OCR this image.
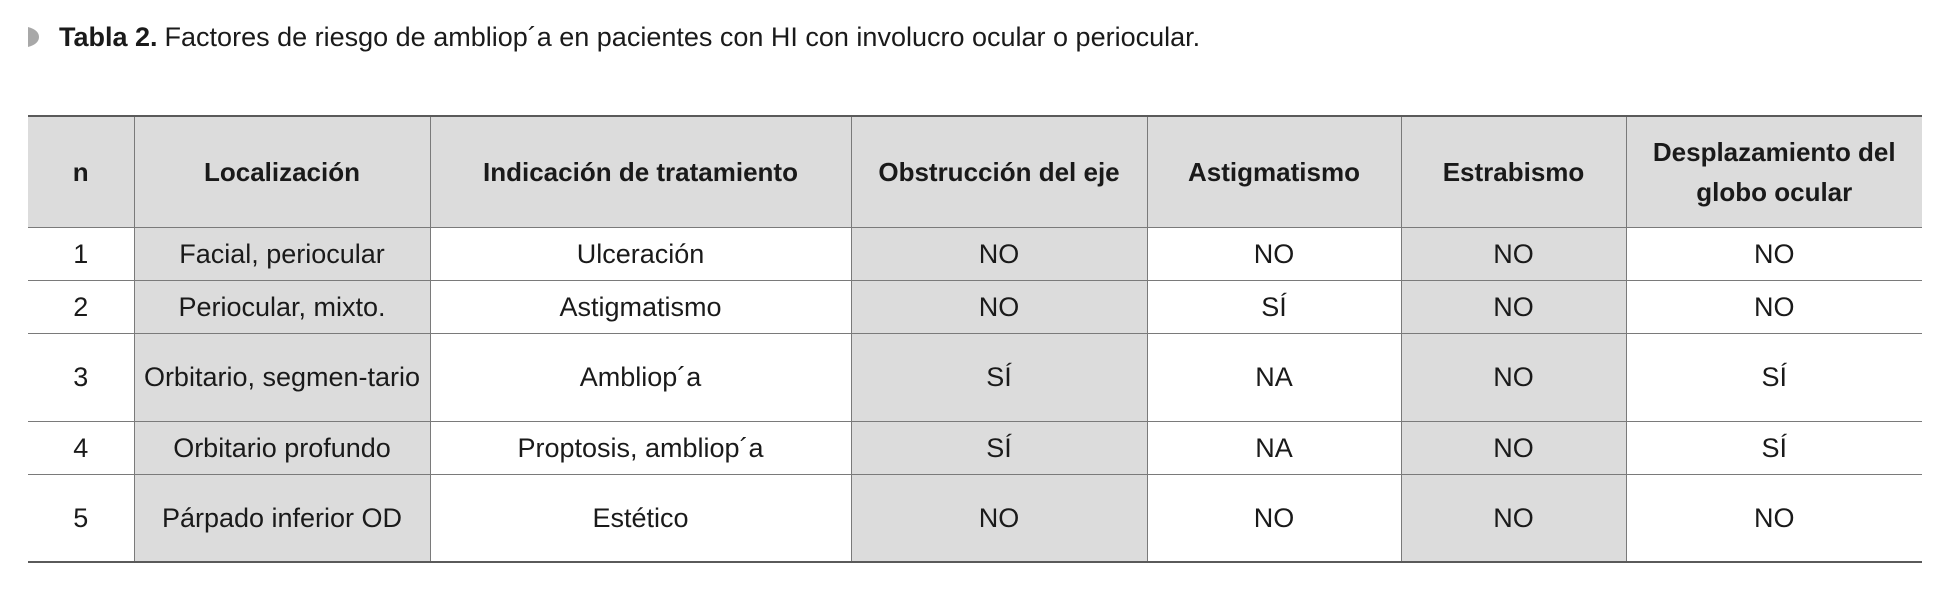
Tabla 2. Factores de riesgo de ambliop´a en pacientes con HI con involucro ocular o periocular.
n	Localización	Indicación de tratamiento	Obstrucción del eje	Astigmatismo	Estrabismo	Desplazamiento del globo ocular
1	Facial, periocular	Ulceración	NO	NO	NO	NO
2	Periocular, mixto.	Astigmatismo	NO	SÍ	NO	NO
3	Orbitario, segmen-tario	Ambliop´a	SÍ	NA	NO	SÍ
4	Orbitario profundo	Proptosis, ambliop´a	SÍ	NA	NO	SÍ
5	Párpado inferior OD	Estético	NO	NO	NO	NO
